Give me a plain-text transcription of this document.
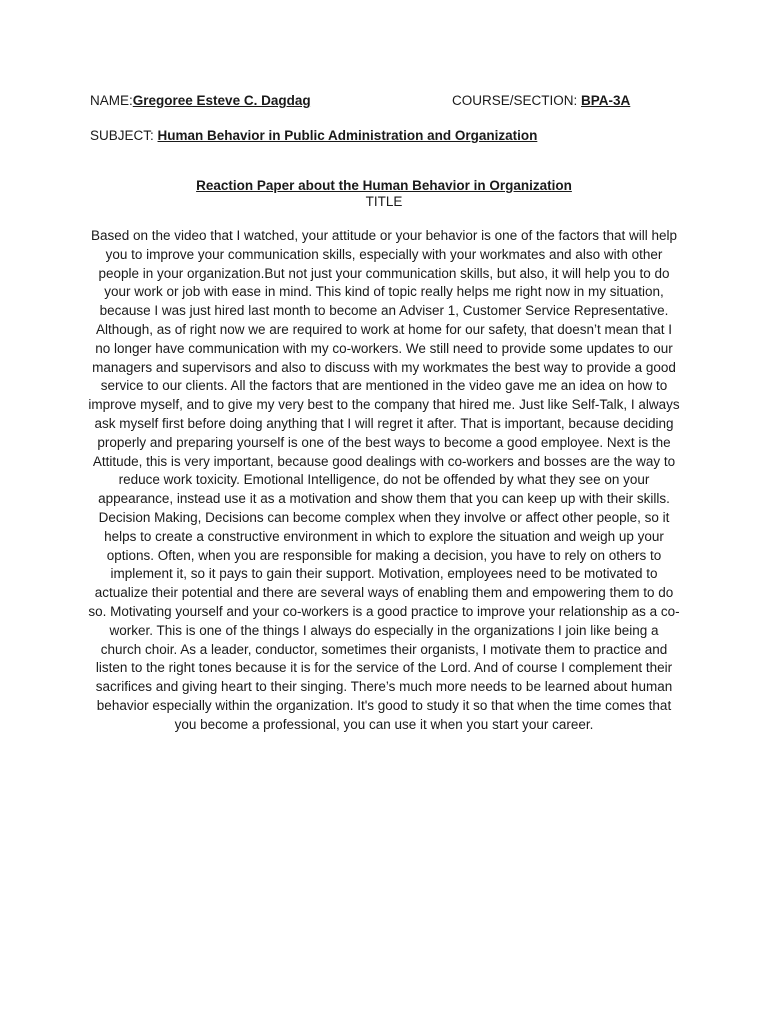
NAME:Gregoree Esteve C. Dagdag	COURSE/SECTION: BPA-3A
SUBJECT: Human Behavior in Public Administration and Organization
Reaction Paper about the Human Behavior in Organization
TITLE

Based on the video that I watched, your attitude or your behavior is one of the factors that will help you to improve your communication skills, especially with your workmates and also with other people in your organization.But not just your communication skills, but also, it will help you to do your work or job with ease in mind. This kind of topic really helps me right now in my situation, because I was just hired last month to become an Adviser 1, Customer Service Representative. Although, as of right now we are required to work at home for our safety, that doesn’t mean that I no longer have communication with my co-workers. We still need to provide some updates to our managers and supervisors and also to discuss with my workmates the best way to provide a good service to our clients. All the factors that are mentioned in the video gave me an idea on how to improve myself, and to give my very best to the company that hired me. Just like Self-Talk, I always ask myself first before doing anything that I will regret it after. That is important, because deciding properly and preparing yourself is one of the best ways to become a good employee. Next is the Attitude, this is very important, because good dealings with co-workers and bosses are the way to reduce work toxicity. Emotional Intelligence, do not be offended by what they see on your appearance, instead use it as a motivation and show them that you can keep up with their skills. Decision Making, Decisions can become complex when they involve or affect other people, so it helps to create a constructive environment in which to explore the situation and weigh up your options. Often, when you are responsible for making a decision, you have to rely on others to implement it, so it pays to gain their support. Motivation, employees need to be motivated to actualize their potential and there are several ways of enabling them and empowering them to do so. Motivating yourself and your co-workers is a good practice to improve your relationship as a co-worker. This is one of the things I always do especially in the organizations I join like being a church choir. As a leader, conductor, sometimes their organists, I motivate them to practice and listen to the right tones because it is for the service of the Lord. And of course I complement their sacrifices and giving heart to their singing. There’s much more needs to be learned about human behavior especially within the organization. It's good to study it so that when the time comes that you become a professional, you can use it when you start your career.
